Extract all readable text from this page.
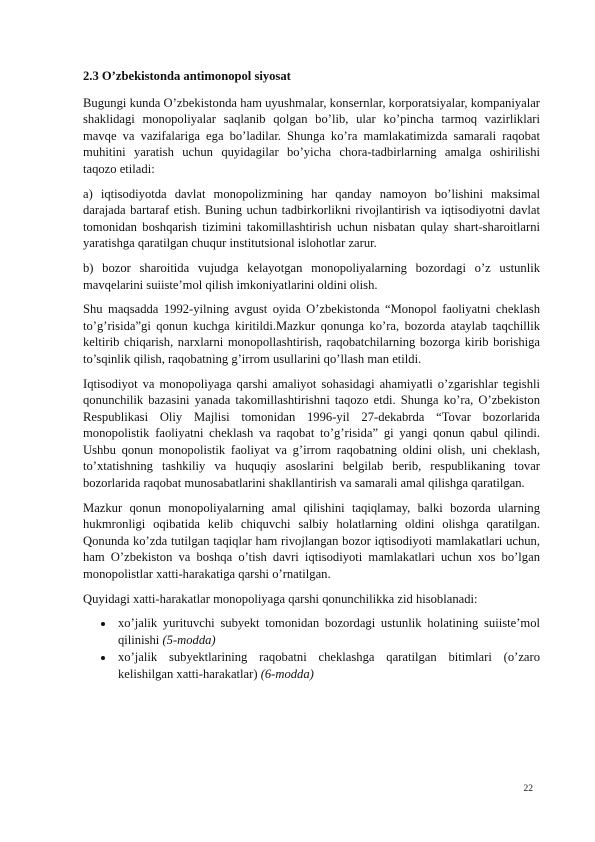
2.3 O’zbekistonda antimonopol siyosat

Bugungi kunda O’zbekistonda ham uyushmalar, konsernlar, korporatsiyalar, kompaniyalar shaklidagi monopoliyalar saqlanib qolgan bo’lib, ular ko’pincha tarmoq vazirliklari mavqe va vazifalariga ega bo’ladilar. Shunga ko’ra mamlakatimizda samarali raqobat muhitini yaratish uchun quyidagilar bo’yicha chora-tadbirlarning amalga oshirilishi taqozo etiladi:

a) iqtisodiyotda davlat monopolizmining har qanday namoyon bo’lishini maksimal darajada bartaraf etish. Buning uchun tadbirkorlikni rivojlantirish va iqtisodiyotni davlat tomonidan boshqarish tizimini takomillashtirish uchun nisbatan qulay shart-sharoitlarni yaratishga qaratilgan chuqur institutsional islohotlar zarur.

b) bozor sharoitida vujudga kelayotgan monopoliyalarning bozordagi o’z ustunlik mavqelarini suiiste’mol qilish imkoniyatlarini oldini olish.

Shu maqsadda 1992-yilning avgust oyida O’zbekistonda “Monopol faoliyatni cheklash to’g’risida”gi qonun kuchga kiritildi.Mazkur qonunga ko’ra, bozorda ataylab taqchillik keltirib chiqarish, narxlarni monopollashtirish, raqobatchilarning bozorga kirib borishiga to’sqinlik qilish, raqobatning g’irrom usullarini qo’llash man etildi.

Iqtisodiyot va monopoliyaga qarshi amaliyot sohasidagi ahamiyatli o’zgarishlar tegishli qonunchilik bazasini yanada takomillashtirishni taqozo etdi. Shunga ko’ra, O’zbekiston Respublikasi Oliy Majlisi tomonidan 1996-yil 27-dekabrda “Tovar bozorlarida monopolistik faoliyatni cheklash va raqobat to’g’risida” gi yangi qonun qabul qilindi. Ushbu qonun monopolistik faoliyat va g’irrom raqobatning oldini olish, uni cheklash, to’xtatishning tashkiliy va huquqiy asoslarini belgilab berib, respublikaning tovar bozorlarida raqobat munosabatlarini shakllantirish va samarali amal qilishga qaratilgan.

Mazkur qonun monopoliyalarning amal qilishini taqiqlamay, balki bozorda ularning hukmronligi oqibatida kelib chiquvchi salbiy holatlarning oldini olishga qaratilgan. Qonunda ko’zda tutilgan taqiqlar ham rivojlangan bozor iqtisodiyoti mamlakatlari uchun, ham O’zbekiston va boshqa o’tish davri iqtisodiyoti mamlakatlari uchun xos bo’lgan monopolistlar xatti-harakatiga qarshi o’rnatilgan.

Quyidagi xatti-harakatlar monopoliyaga qarshi qonunchilikka zid hisoblanadi:

xo’jalik yurituvchi subyekt tomonidan bozordagi ustunlik holatining suiiste’mol qilinishi (5-modda)
xo’jalik subyektlarining raqobatni cheklashga qaratilgan bitimlari (o’zaro kelishilgan xatti-harakatlar) (6-modda)
22
